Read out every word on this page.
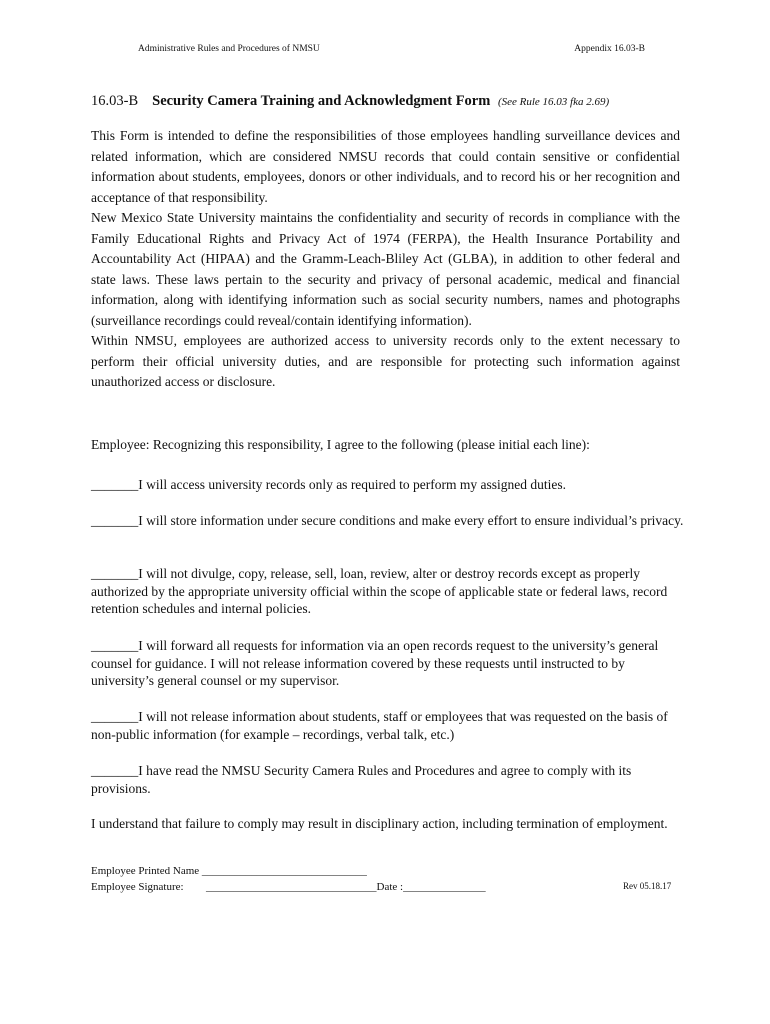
Administrative Rules and Procedures of NMSU	Appendix 16.03-B
16.03-B Security Camera Training and Acknowledgment Form (See Rule 16.03 fka 2.69)

This Form is intended to define the responsibilities of those employees handling surveillance devices and related information, which are considered NMSU records that could contain sensitive or confidential information about students, employees, donors or other individuals, and to record his or her recognition and acceptance of that responsibility.

New Mexico State University maintains the confidentiality and security of records in compliance with the Family Educational Rights and Privacy Act of 1974 (FERPA), the Health Insurance Portability and Accountability Act (HIPAA) and the Gramm-Leach-Bliley Act (GLBA), in addition to other federal and state laws. These laws pertain to the security and privacy of personal academic, medical and financial information, along with identifying information such as social security numbers, names and photographs (surveillance recordings could reveal/contain identifying information).

Within NMSU, employees are authorized access to university records only to the extent necessary to perform their official university duties, and are responsible for protecting such information against unauthorized access or disclosure.

Employee: Recognizing this responsibility, I agree to the following (please initial each line):

_______I will access university records only as required to perform my assigned duties.

_______I will store information under secure conditions and make every effort to ensure individual’s privacy.

_______I will not divulge, copy, release, sell, loan, review, alter or destroy records except as properly authorized by the appropriate university official within the scope of applicable state or federal laws, record retention schedules and internal policies.

_______I will forward all requests for information via an open records request to the university’s general counsel for guidance. I will not release information covered by these requests until instructed to by university’s general counsel or my supervisor.

_______I will not release information about students, staff or employees that was requested on the basis of non-public information (for example – recordings, verbal talk, etc.)

_______I have read the NMSU Security Camera Rules and Procedures and agree to comply with its provisions.

I understand that failure to comply may result in disciplinary action, including termination of employment.

Employee Printed Name ______________________________
Employee Signature: _______________________________Date :_______________	Rev 05.18.17
